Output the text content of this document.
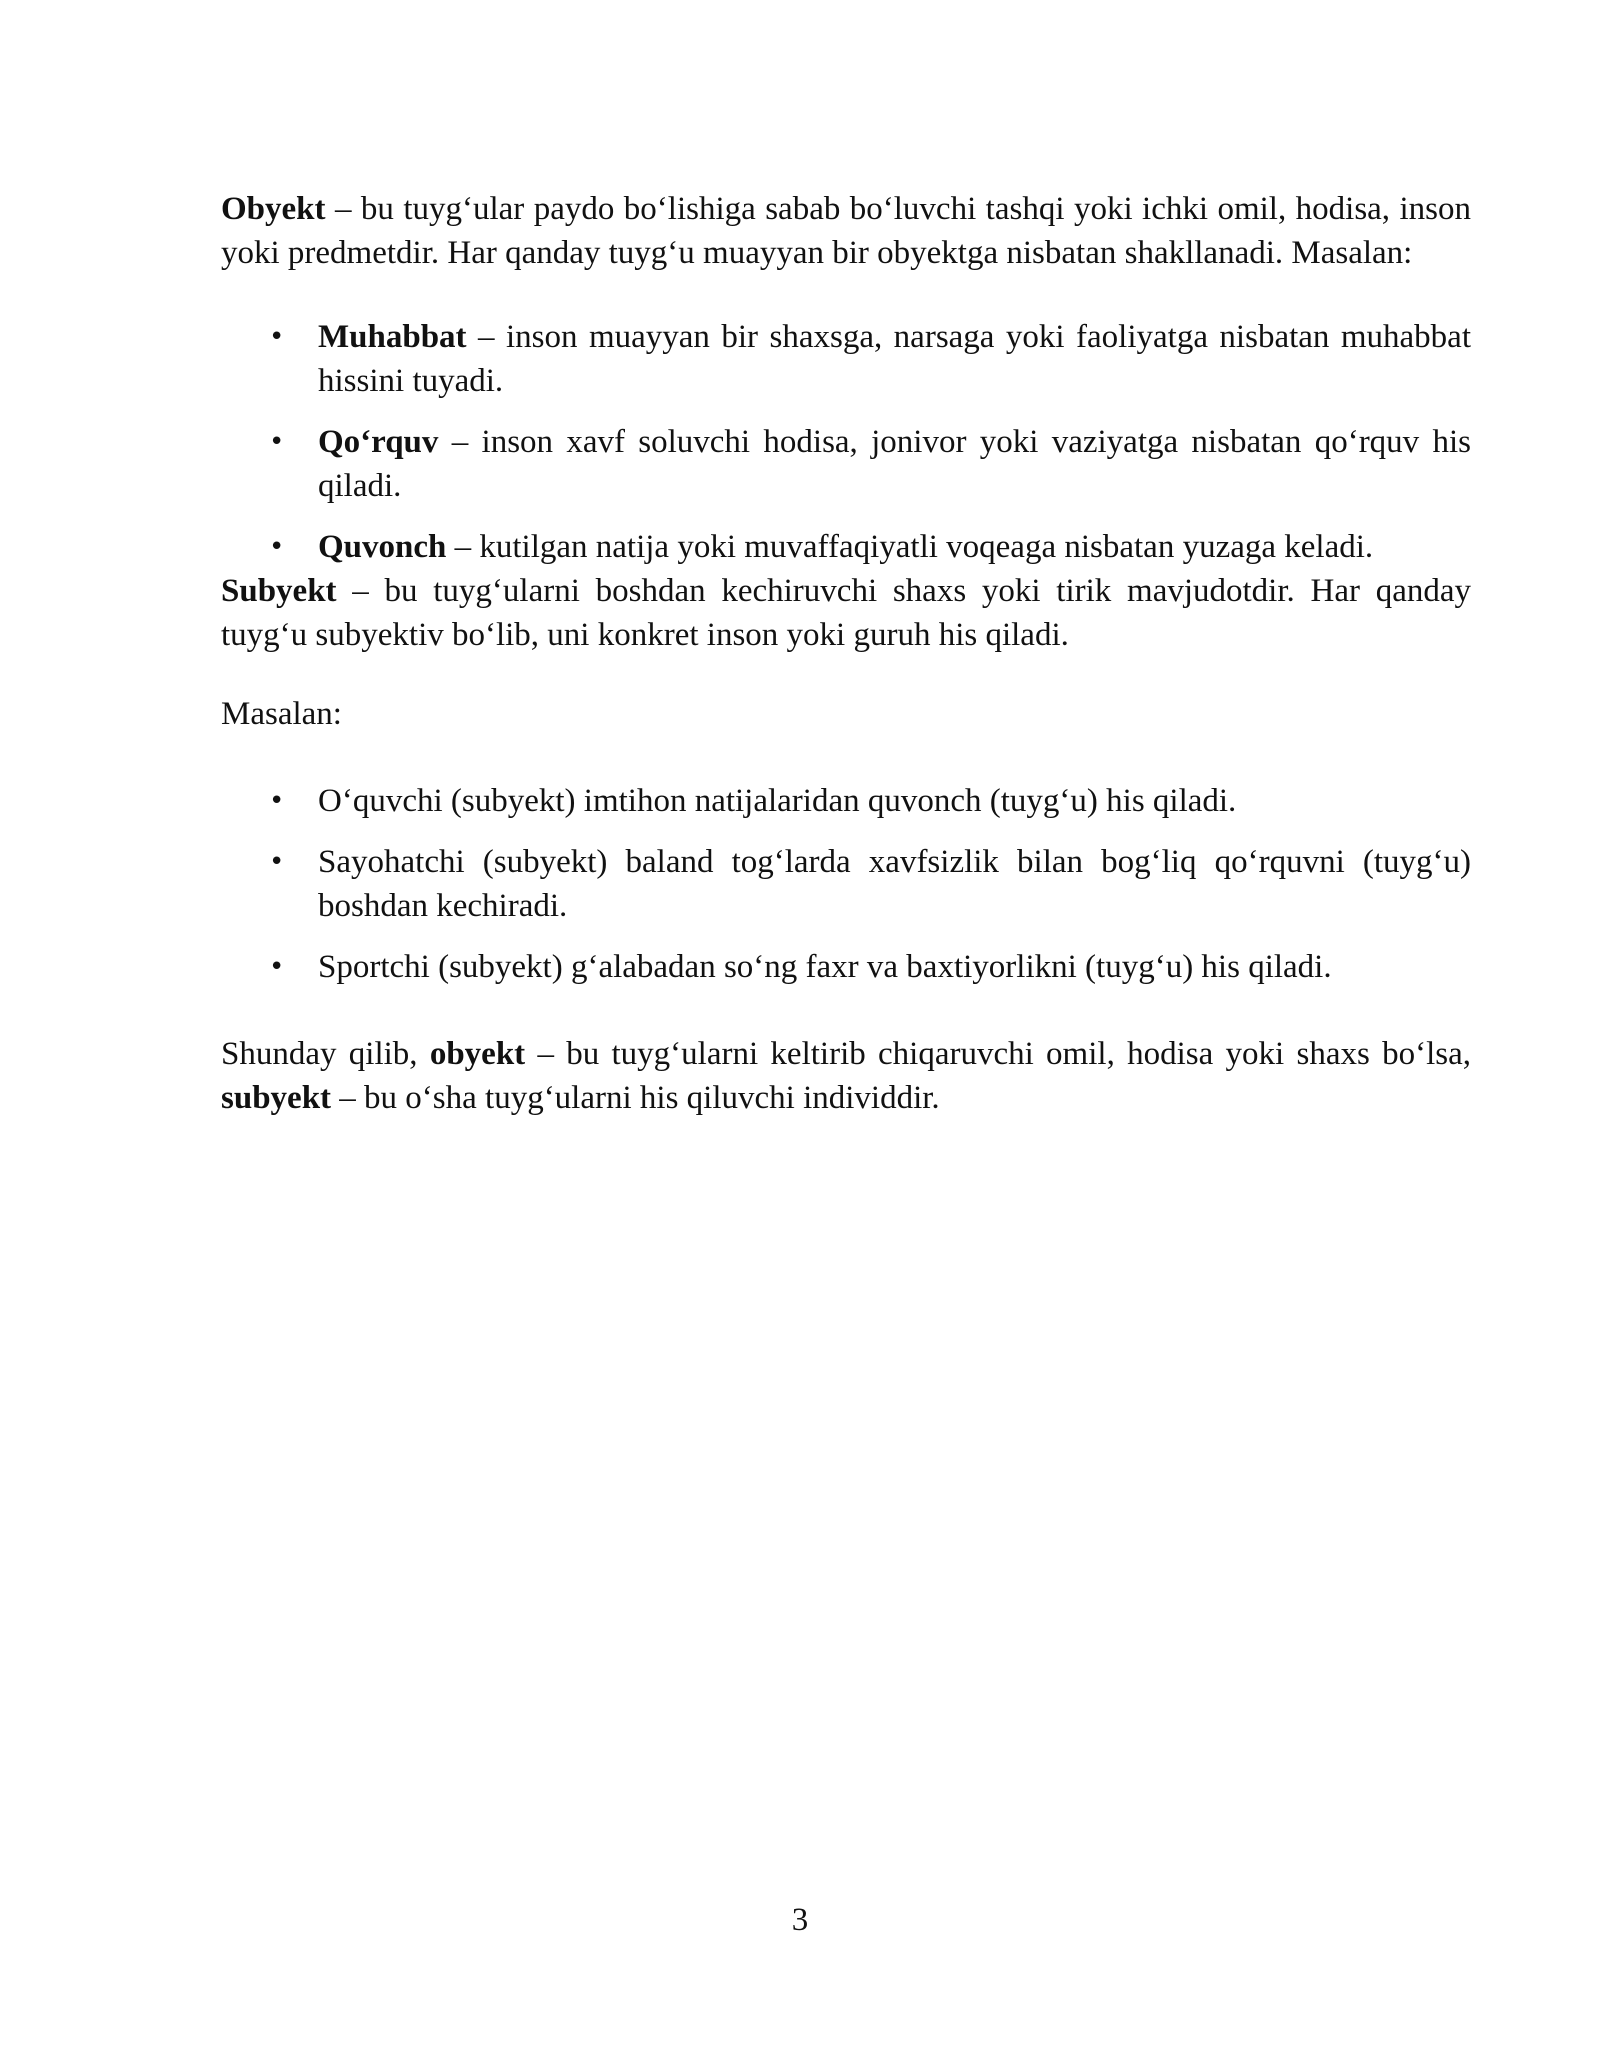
Obyekt – bu tuyg‘ular paydo bo‘lishiga sabab bo‘luvchi tashqi yoki ichki omil, hodisa, inson yoki predmetdir. Har qanday tuyg‘u muayyan bir obyektga nisbatan shakllanadi. Masalan:

• Muhabbat – inson muayyan bir shaxsga, narsaga yoki faoliyatga nisbatan muhabbat hissini tuyadi.
• Qo‘rquv – inson xavf soluvchi hodisa, jonivor yoki vaziyatga nisbatan qo‘rquv his qiladi.
• Quvonch – kutilgan natija yoki muvaffaqiyatli voqeaga nisbatan yuzaga keladi.

Subyekt – bu tuyg‘ularni boshdan kechiruvchi shaxs yoki tirik mavjudotdir. Har qanday tuyg‘u subyektiv bo‘lib, uni konkret inson yoki guruh his qiladi.

Masalan:

• O‘quvchi (subyekt) imtihon natijalaridan quvonch (tuyg‘u) his qiladi.
• Sayohatchi (subyekt) baland tog‘larda xavfsizlik bilan bog‘liq qo‘rquvni (tuyg‘u) boshdan kechiradi.
• Sportchi (subyekt) g‘alabadan so‘ng faxr va baxtiyorlikni (tuyg‘u) his qiladi.

Shunday qilib, obyekt – bu tuyg‘ularni keltirib chiqaruvchi omil, hodisa yoki shaxs bo‘lsa, subyekt – bu o‘sha tuyg‘ularni his qiluvchi individdir.

3
